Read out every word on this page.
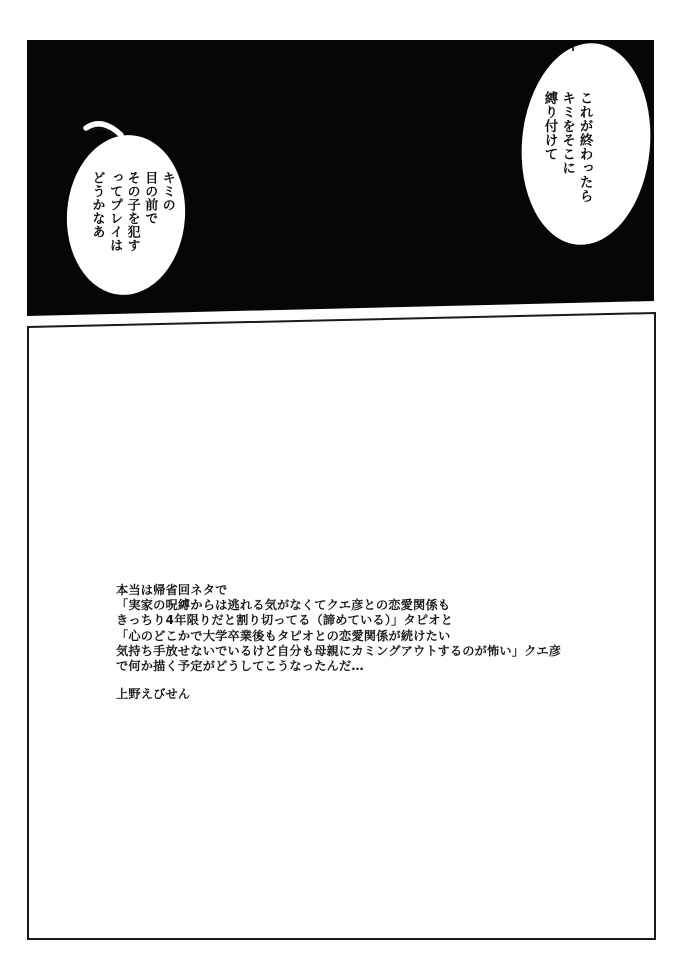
これが終わったら
キミをそこに
縛り付けて
キミの
目の前で
その子を犯す
ってプレイは
どうかなあ
本当は帰省回ネタで
「実家の呪縛からは逃れる気がなくてクエ彦との恋愛関係も
きっちり4年限りだと割り切ってる（諦めている）」タピオと
「心のどこかで大学卒業後もタピオとの恋愛関係が続けたい
気持ち手放せないでいるけど自分も母親にカミングアウトするのが怖い」クエ彦
で何か描く予定がどうしてこうなったんだ…
上野えびせん
